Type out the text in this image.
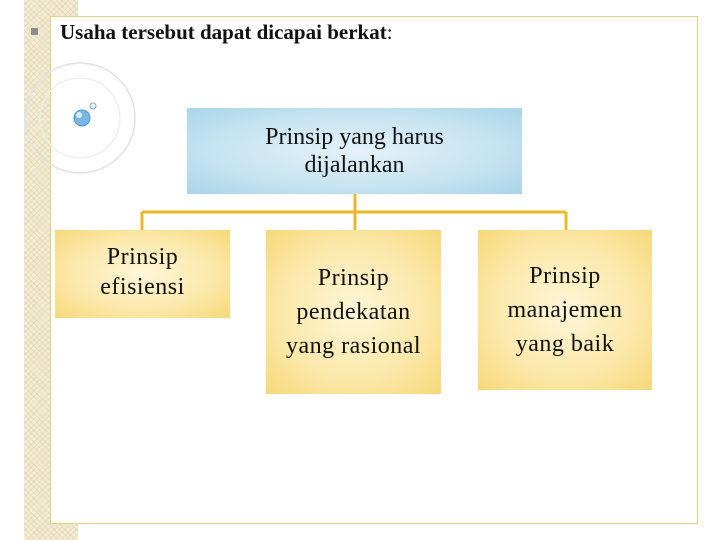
Usaha tersebut dapat dicapai berkat:
Prinsip yang harus
dijalankan
Prinsip
efisiensi	Prinsip
pendekatan
yang rasional
Prinsip
manajemen
yang baik
